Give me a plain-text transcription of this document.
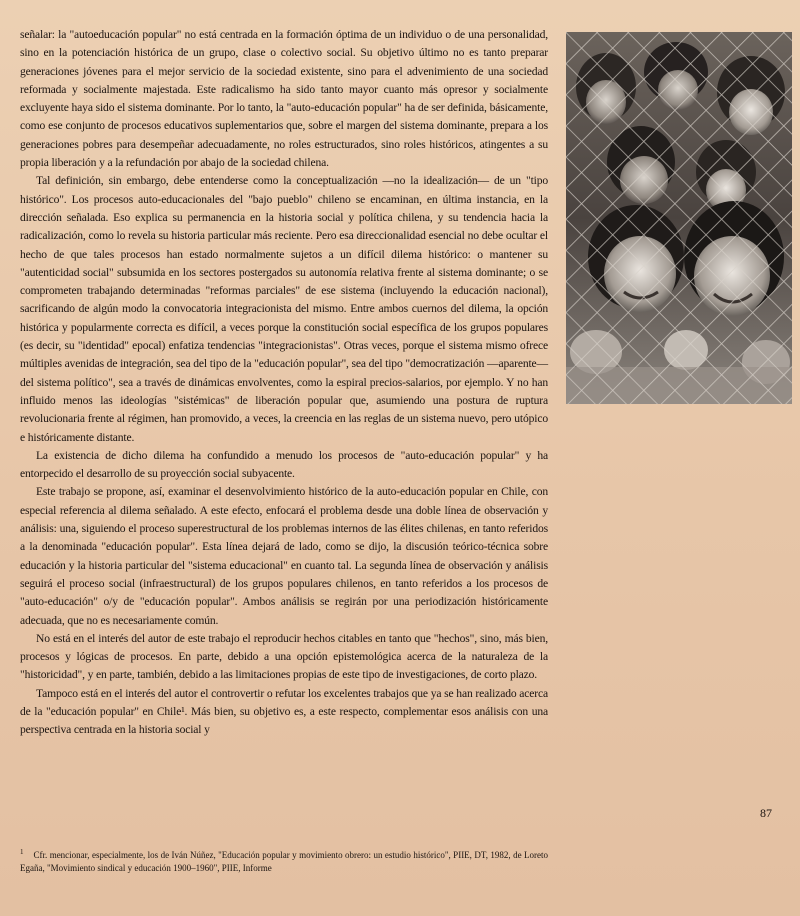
señalar: la "autoeducación popular" no está centrada en la formación óptima de un individuo o de una personalidad, sino en la potenciación histórica de un grupo, clase o colectivo social. Su objetivo último no es tanto preparar generaciones jóvenes para el mejor servicio de la sociedad existente, sino para el advenimiento de una sociedad reformada y socialmente majestada. Este radicalismo ha sido tanto mayor cuanto más opresor y socialmente excluyente haya sido el sistema dominante. Por lo tanto, la "auto-educación popular" ha de ser definida, básicamente, como ese conjunto de procesos educativos suplementarios que, sobre el margen del sistema dominante, prepara a los generaciones pobres para desempeñar adecuadamente, no roles estructurados, sino roles históricos, atingentes a su propia liberación y a la refundación por abajo de la sociedad chilena.

Tal definición, sin embargo, debe entenderse como la conceptualización —no la idealización— de un "tipo histórico". Los procesos auto-educacionales del "bajo pueblo" chileno se encaminan, en última instancia, en la dirección señalada. Eso explica su permanencia en la historia social y política chilena, y su tendencia hacia la radicalización, como lo revela su historia particular más reciente. Pero esa direccionalidad esencial no debe ocultar el hecho de que tales procesos han estado normalmente sujetos a un difícil dilema histórico: o mantener su "autenticidad social" subsumida en los sectores postergados su autonomía relativa frente al sistema dominante; o se comprometen trabajando determinadas "reformas parciales" de ese sistema (incluyendo la educación nacional), sacrificando de algún modo la convocatoria integracionista del mismo. Entre ambos cuernos del dilema, la opción histórica y popularmente correcta es difícil, a veces porque la constitución social específica de los grupos populares (es decir, su "identidad" epocal) enfatiza tendencias "integracionistas". Otras veces, porque el sistema mismo ofrece múltiples avenidas de integración, sea del tipo de la "educación popular", sea del tipo "democratización —aparente— del sistema político", sea a través de dinámicas envolventes, como la espiral precios-salarios, por ejemplo. Y no han influido menos las ideologías "sistémicas" de liberación popular que, asumiendo una postura de ruptura revolucionaria frente al régimen, han promovido, a veces, la creencia en las reglas de un sistema nuevo, pero utópico e históricamente distante.

La existencia de dicho dilema ha confundido a menudo los procesos de "auto-educación popular" y ha entorpecido el desarrollo de su proyección social subyacente.

Este trabajo se propone, así, examinar el desenvolvimiento histórico de la auto-educación popular en Chile, con especial referencia al dilema señalado. A este efecto, enfocará el problema desde una doble línea de observación y análisis: una, siguiendo el proceso superestructural de los problemas internos de las élites chilenas, en tanto referidos a la denominada "educación popular". Esta línea dejará de lado, como se dijo, la discusión teórico-técnica sobre educación y la historia particular del "sistema educacional" en cuanto tal. La segunda línea de observación y análisis seguirá el proceso social (infraestructural) de los grupos populares chilenos, en tanto referidos a los procesos de "auto-educación" o/y de "educación popular". Ambos análisis se regirán por una periodización históricamente adecuada, que no es necesariamente común.

No está en el interés del autor de este trabajo el reproducir hechos citables en tanto que "hechos", sino, más bien, procesos y lógicas de procesos. En parte, debido a una opción epistemológica acerca de la naturaleza de la "historicidad", y en parte, también, debido a las limitaciones propias de este tipo de investigaciones, de corto plazo.

Tampoco está en el interés del autor el controvertir o refutar los excelentes trabajos que ya se han realizado acerca de la "educación popular" en Chile¹. Más bien, su objetivo es, a este respecto, complementar esos análisis con una perspectiva centrada en la historia social y

87
$^1$ Cfr. mencionar, especialmente, los de Iván Núñez, "Educación popular y movimiento obrero: un estudio histórico", PIIE, DT, 1982, de Loreto Egaña, "Movimiento sindical y educación 1900–1960", PIIE, Informe
